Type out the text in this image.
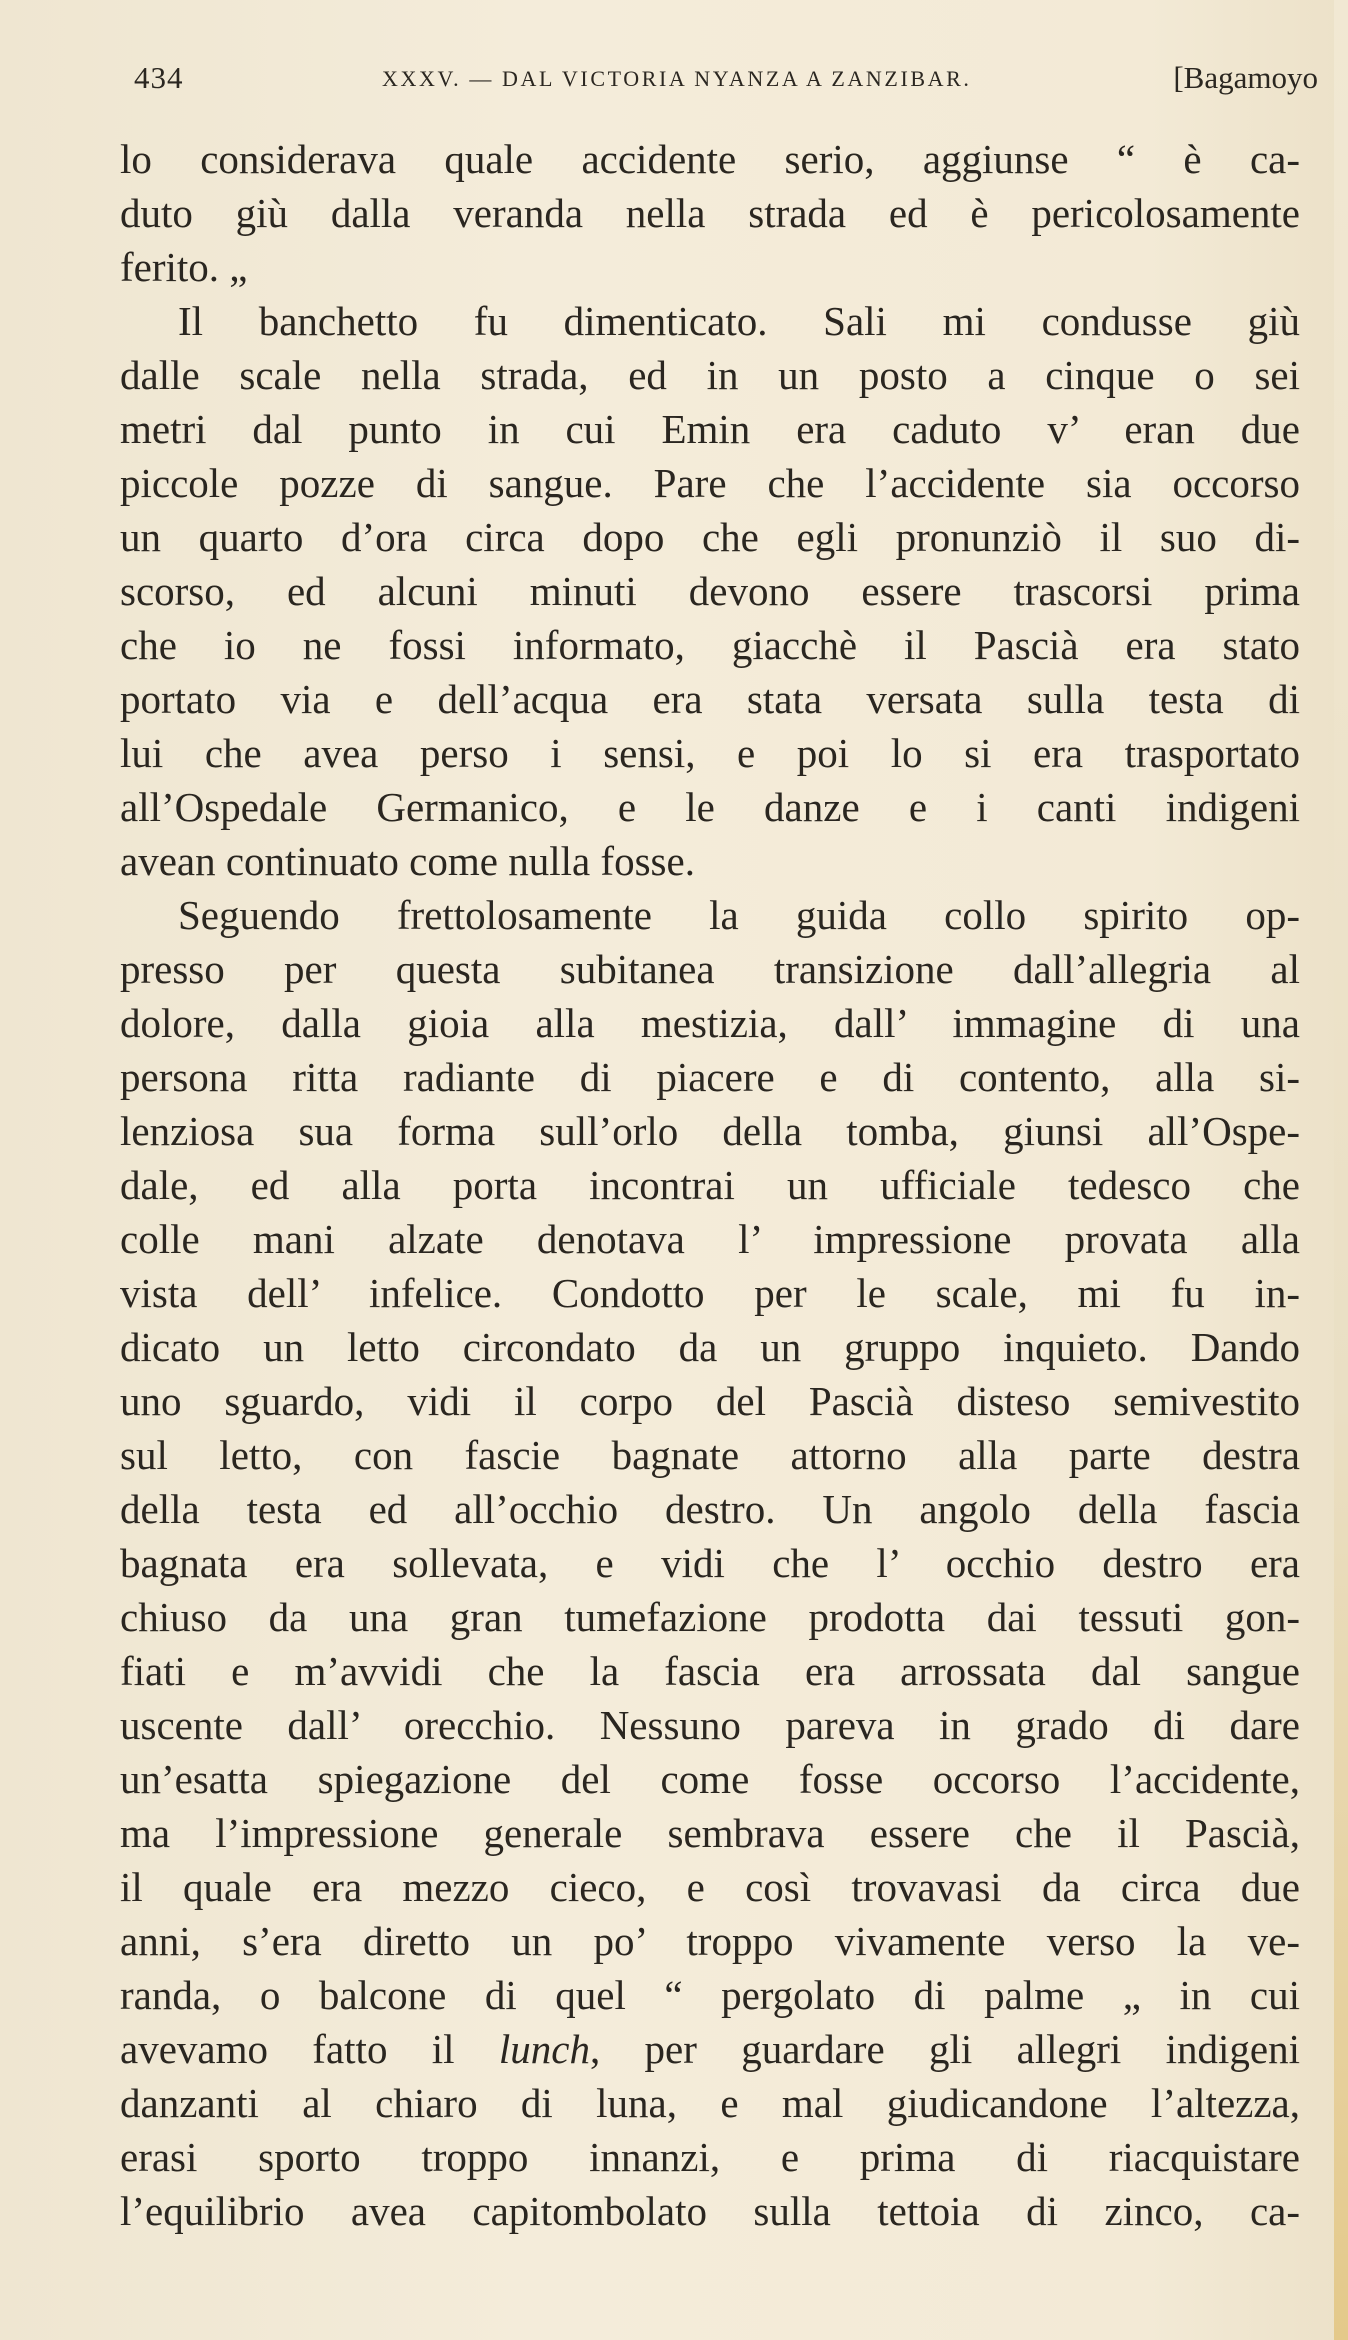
434	XXXV. — DAL VICTORIA NYANZA A ZANZIBAR.	[Bagamoyo
lo considerava quale accidente serio, aggiunse “ è ca-
duto giù dalla veranda nella strada ed è pericolosamente
ferito. „
Il banchetto fu dimenticato. Sali mi condusse giù
dalle scale nella strada, ed in un posto a cinque o sei
metri dal punto in cui Emin era caduto v’ eran due
piccole pozze di sangue. Pare che l’accidente sia occorso
un quarto d’ora circa dopo che egli pronunziò il suo di-
scorso, ed alcuni minuti devono essere trascorsi prima
che io ne fossi informato, giacchè il Pascià era stato
portato via e dell’acqua era stata versata sulla testa di
lui che avea perso i sensi, e poi lo si era trasportato
all’Ospedale Germanico, e le danze e i canti indigeni
avean continuato come nulla fosse.
Seguendo frettolosamente la guida collo spirito op-
presso per questa subitanea transizione dall’allegria al
dolore, dalla gioia alla mestizia, dall’ immagine di una
persona ritta radiante di piacere e di contento, alla si-
lenziosa sua forma sull’orlo della tomba, giunsi all’Ospe-
dale, ed alla porta incontrai un ufficiale tedesco che
colle mani alzate denotava l’ impressione provata alla
vista dell’ infelice. Condotto per le scale, mi fu in-
dicato un letto circondato da un gruppo inquieto. Dando
uno sguardo, vidi il corpo del Pascià disteso semivestito
sul letto, con fascie bagnate attorno alla parte destra
della testa ed all’occhio destro. Un angolo della fascia
bagnata era sollevata, e vidi che l’ occhio destro era
chiuso da una gran tumefazione prodotta dai tessuti gon-
fiati e m’avvidi che la fascia era arrossata dal sangue
uscente dall’ orecchio. Nessuno pareva in grado di dare
un’esatta spiegazione del come fosse occorso l’accidente,
ma l’impressione generale sembrava essere che il Pascià,
il quale era mezzo cieco, e così trovavasi da circa due
anni, s’era diretto un po’ troppo vivamente verso la ve-
randa, o balcone di quel “ pergolato di palme „ in cui
avevamo fatto il lunch, per guardare gli allegri indigeni
danzanti al chiaro di luna, e mal giudicandone l’altezza,
erasi sporto troppo innanzi, e prima di riacquistare
l’equilibrio avea capitombolato sulla tettoia di zinco, ca-
